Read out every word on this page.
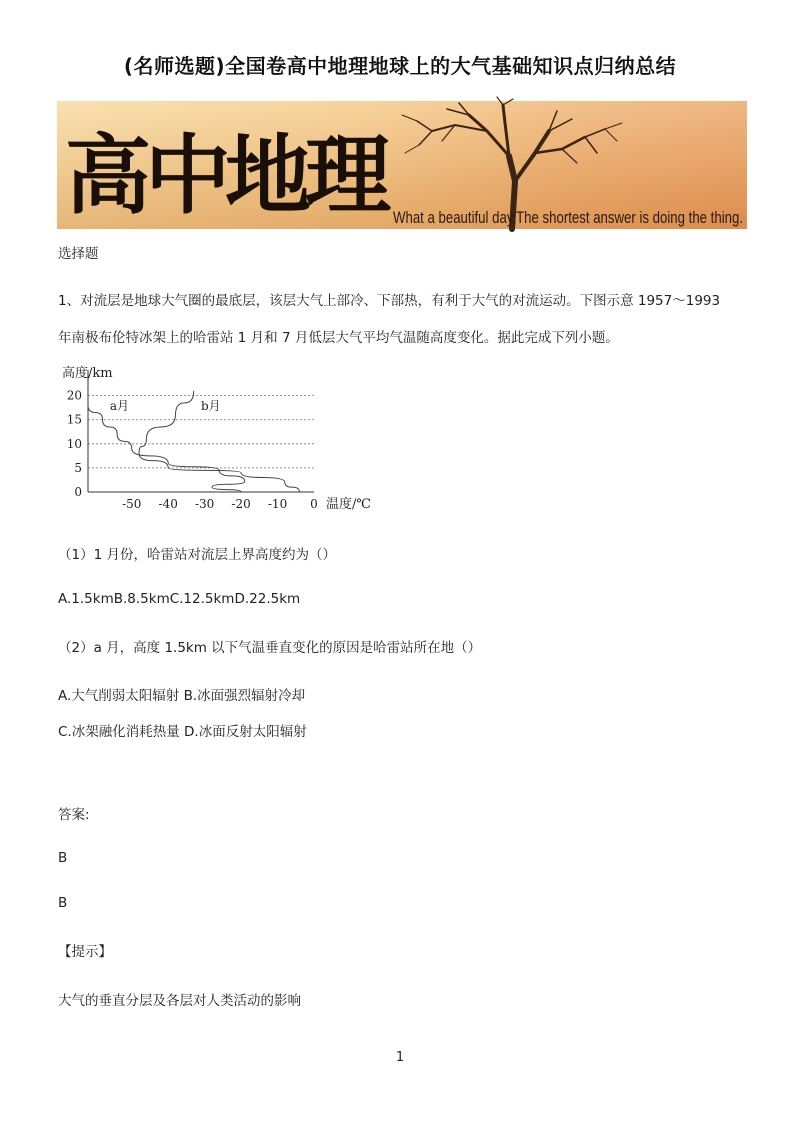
(名师选题)全国卷高中地理地球上的大气基础知识点归纳总结
高中地理 What a beautiful day.The shortest answer is doing the thing.
选择题
1、对流层是地球大气圈的最底层，该层大气上部冷、下部热，有利于大气的对流运动。下图示意 1957～1993
年南极布伦特冰架上的哈雷站 1 月和 7 月低层大气平均气温随高度变化。据此完成下列小题。
0
5
10
15
20
-50 -40 -30 -20 -10 0
高度/km
温度/℃
a月	b月
（1）1 月份，哈雷站对流层上界高度约为（）
A.1.5kmB.8.5kmC.12.5kmD.22.5km
（2）a 月，高度 1.5km 以下气温垂直变化的原因是哈雷站所在地（）
A.大气削弱太阳辐射 B.冰面强烈辐射冷却
C.冰架融化消耗热量 D.冰面反射太阳辐射
答案:
B
B
【提示】
大气的垂直分层及各层对人类活动的影响
1
